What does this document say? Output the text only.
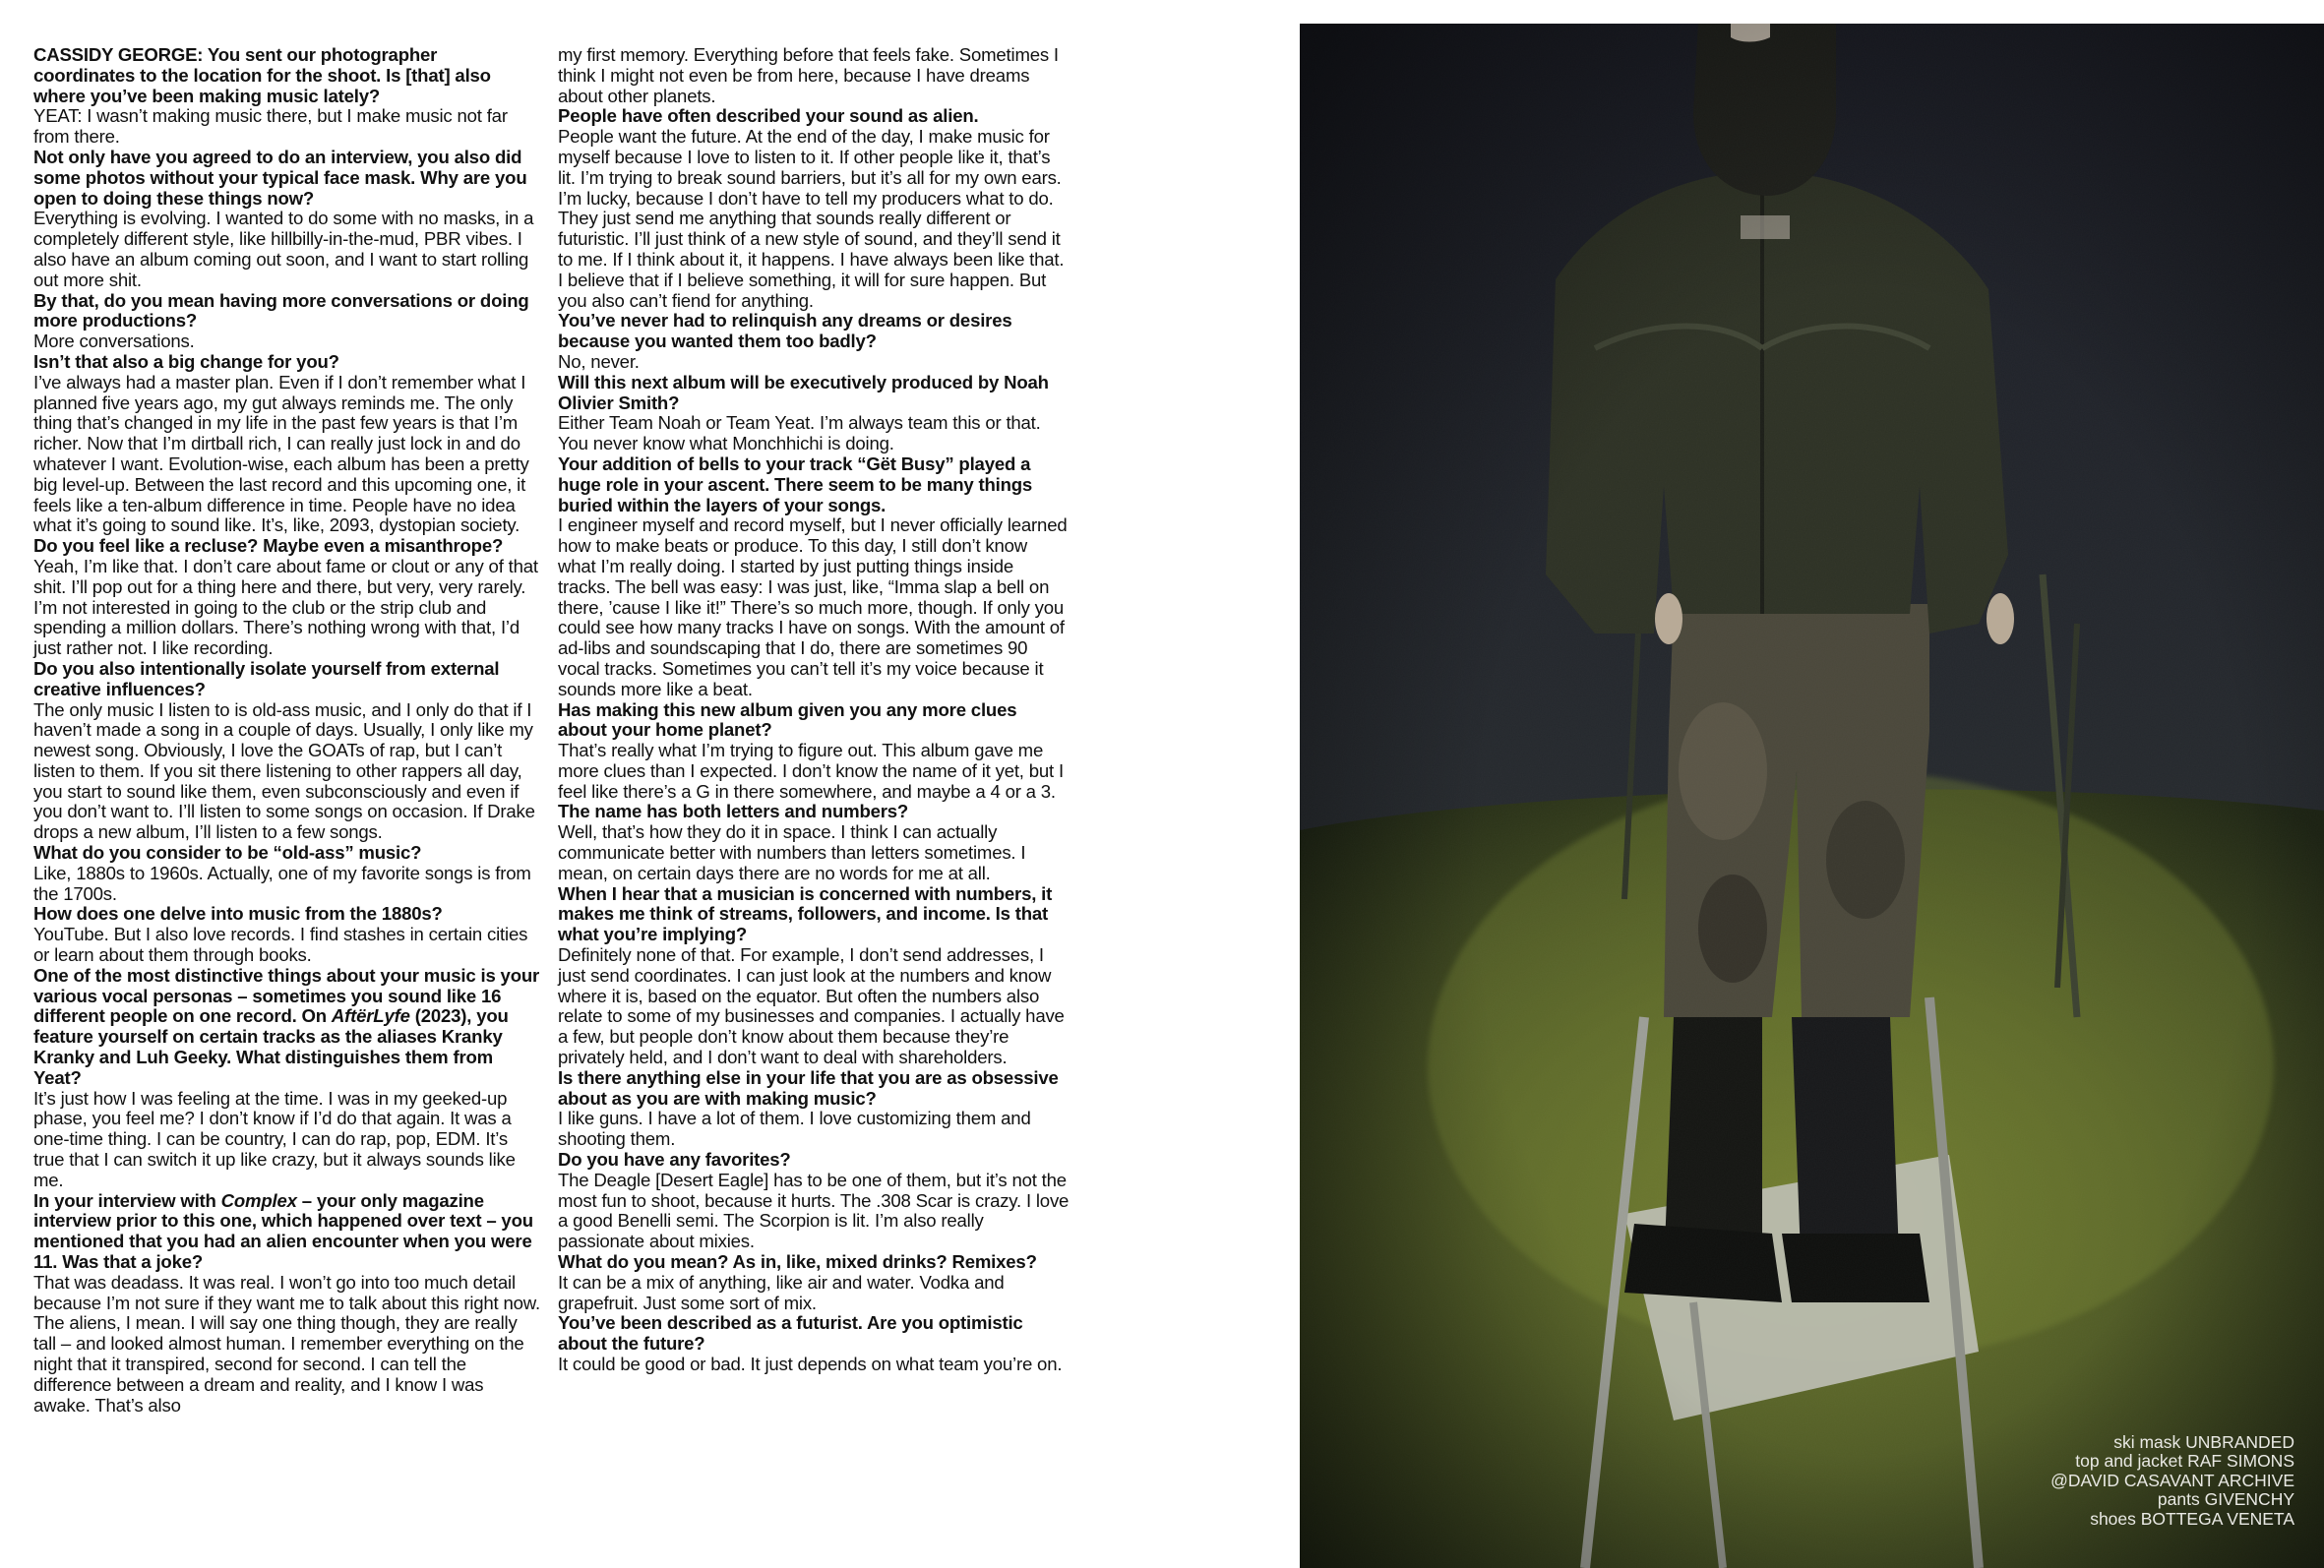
CASSIDY GEORGE: You sent our photographer coordinates to the location for the shoot. Is [that] also where you’ve been making music lately?

YEAT: I wasn’t making music there, but I make music not far from there.

Not only have you agreed to do an interview, you also did some photos without your typical face mask. Why are you open to doing these things now?

Everything is evolving. I wanted to do some with no masks, in a completely different style, like hillbilly-in-the-mud, PBR vibes. I also have an album coming out soon, and I want to start rolling out more shit.

By that, do you mean having more conversations or doing more productions?

More conversations.

Isn’t that also a big change for you?

I’ve always had a master plan. Even if I don’t remember what I planned five years ago, my gut always reminds me. The only thing that’s changed in my life in the past few years is that I’m richer. Now that I’m dirtball rich, I can really just lock in and do whatever I want. Evolution-wise, each album has been a pretty big level-up. Between the last record and this upcoming one, it feels like a ten-album difference in time. People have no idea what it’s going to sound like. It’s, like, 2093, dystopian society.

Do you feel like a recluse? Maybe even a misanthrope?

Yeah, I’m like that. I don’t care about fame or clout or any of that shit. I’ll pop out for a thing here and there, but very, very rarely. I’m not interested in going to the club or the strip club and spending a million dollars. There’s nothing wrong with that, I’d just rather not. I like recording.

Do you also intentionally isolate yourself from external creative influences?

The only music I listen to is old-ass music, and I only do that if I haven’t made a song in a couple of days. Usually, I only like my newest song. Obviously, I love the GOATs of rap, but I can’t listen to them. If you sit there listening to other rappers all day, you start to sound like them, even subconsciously and even if you don’t want to. I’ll listen to some songs on occasion. If Drake drops a new album, I’ll listen to a few songs.

What do you consider to be “old-ass” music?

Like, 1880s to 1960s. Actually, one of my favorite songs is from the 1700s.

How does one delve into music from the 1880s?

YouTube. But I also love records. I find stashes in certain cities or learn about them through books.

One of the most distinctive things about your music is your various vocal personas – sometimes you sound like 16 different people on one record. On AftërLyfe (2023), you feature yourself on certain tracks as the aliases Kranky Kranky and Luh Geeky. What distinguishes them from Yeat?

It’s just how I was feeling at the time. I was in my geeked-up phase, you feel me? I don’t know if I’d do that again. It was a one-time thing. I can be country, I can do rap, pop, EDM. It’s true that I can switch it up like crazy, but it always sounds like me.

In your interview with Complex – your only magazine interview prior to this one, which happened over text – you mentioned that you had an alien encounter when you were 11. Was that a joke?

That was deadass. It was real. I won’t go into too much detail because I’m not sure if they want me to talk about this right now. The aliens, I mean. I will say one thing though, they are really tall – and looked almost human. I remember everything on the night that it transpired, second for second. I can tell the difference between a dream and reality, and I know I was awake. That’s also

my first memory. Everything before that feels fake. Sometimes I think I might not even be from here, because I have dreams about other planets.

People have often described your sound as alien.

People want the future. At the end of the day, I make music for myself because I love to listen to it. If other people like it, that’s lit. I’m trying to break sound barriers, but it’s all for my own ears. I’m lucky, because I don’t have to tell my producers what to do. They just send me anything that sounds really different or futuristic. I’ll just think of a new style of sound, and they’ll send it to me. If I think about it, it happens. I have always been like that. I believe that if I believe something, it will for sure happen. But you also can’t fiend for anything.

You’ve never had to relinquish any dreams or desires because you wanted them too badly?

No, never.

Will this next album will be executively produced by Noah Olivier Smith?

Either Team Noah or Team Yeat. I’m always team this or that. You never know what Monchhichi is doing.

Your addition of bells to your track “Gët Busy” played a huge role in your ascent. There seem to be many things buried within the layers of your songs.

I engineer myself and record myself, but I never officially learned how to make beats or produce. To this day, I still don’t know what I’m really doing. I started by just putting things inside tracks. The bell was easy: I was just, like, “Imma slap a bell on there, ’cause I like it!” There’s so much more, though. If only you could see how many tracks I have on songs. With the amount of ad-libs and soundscaping that I do, there are sometimes 90 vocal tracks. Sometimes you can’t tell it’s my voice because it sounds more like a beat.

Has making this new album given you any more clues about your home planet?

That’s really what I’m trying to figure out. This album gave me more clues than I expected. I don’t know the name of it yet, but I feel like there’s a G in there somewhere, and maybe a 4 or a 3.

The name has both letters and numbers?

Well, that’s how they do it in space. I think I can actually communicate better with numbers than letters sometimes. I mean, on certain days there are no words for me at all.

When I hear that a musician is concerned with numbers, it makes me think of streams, followers, and income. Is that what you’re implying?

Definitely none of that. For example, I don’t send addresses, I just send coordinates. I can just look at the numbers and know where it is, based on the equator. But often the numbers also relate to some of my businesses and companies. I actually have a few, but people don’t know about them because they’re privately held, and I don’t want to deal with shareholders.

Is there anything else in your life that you are as obsessive about as you are with making music?

I like guns. I have a lot of them. I love customizing them and shooting them.

Do you have any favorites?

The Deagle [Desert Eagle] has to be one of them, but it’s not the most fun to shoot, because it hurts. The .308 Scar is crazy. I love a good Benelli semi. The Scorpion is lit. I’m also really passionate about mixies.

What do you mean? As in, like, mixed drinks? Remixes?

It can be a mix of anything, like air and water. Vodka and grapefruit. Just some sort of mix.

You’ve been described as a futurist. Are you optimistic about the future?

It could be good or bad. It just depends on what team you’re on.

ski mask UNBRANDED
top and jacket RAF SIMONS
@DAVID CASAVANT ARCHIVE
pants GIVENCHY
shoes BOTTEGA VENETA
